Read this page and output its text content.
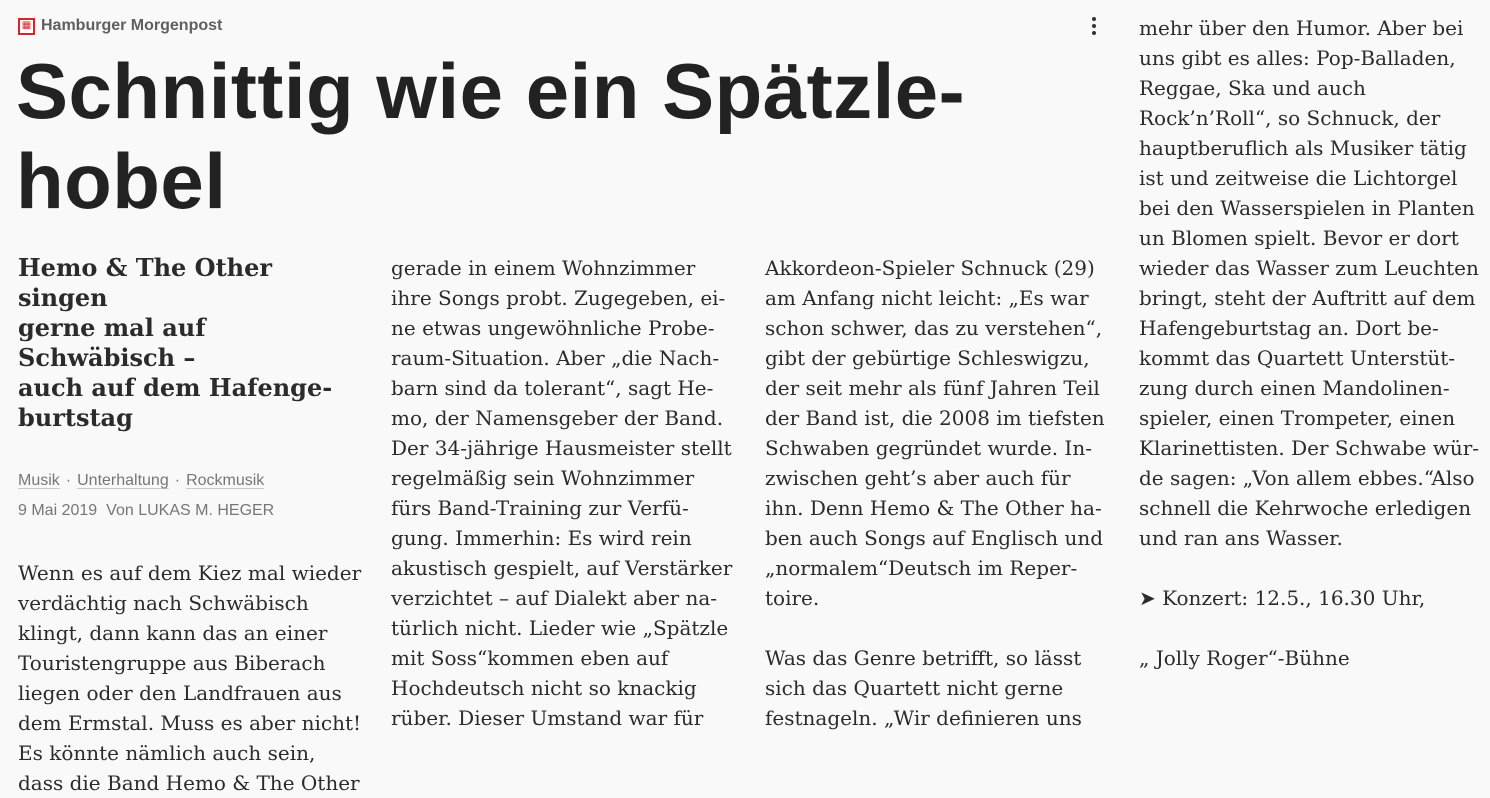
▦ Hamburger Morgenpost
Schnittig wie ein Spätzle-
hobel
Hemo & The Other singen
gerne mal auf Schwäbisch –
auch auf dem Hafenge-
burtstag
Musik · Unterhaltung · Rockmusik
9 Mai 2019 Von LUKAS M. HEGER

Wenn es auf dem Kiez mal wieder

verdächtig nach Schwäbisch

klingt, dann kann das an einer

Touristengruppe aus Biberach

liegen oder den Landfrauen aus

dem Ermstal. Muss es aber nicht!

Es könnte nämlich auch sein,

dass die Band Hemo & The Other

gerade in einem Wohnzimmer

ihre Songs probt. Zugegeben, ei-

ne etwas ungewöhnliche Probe-

raum-Situation. Aber „die Nach-

barn sind da tolerant“, sagt He-

mo, der Namensgeber der Band.

Der 34-jährige Hausmeister stellt

regelmäßig sein Wohnzimmer

fürs Band-Training zur Verfü-

gung. Immerhin: Es wird rein

akustisch gespielt, auf Verstärker

verzichtet – auf Dialekt aber na-

türlich nicht. Lieder wie „Spätzle

mit Soss“kommen eben auf

Hochdeutsch nicht so knackig

rüber. Dieser Umstand war für

Akkordeon-Spieler Schnuck (29)

am Anfang nicht leicht: „Es war

schon schwer, das zu verstehen“,

gibt der gebürtige Schleswigzu,

der seit mehr als fünf Jahren Teil

der Band ist, die 2008 im tiefsten

Schwaben gegründet wurde. In-

zwischen geht’s aber auch für

ihn. Denn Hemo & The Other ha-

ben auch Songs auf Englisch und

„normalem“Deutsch im Reper-

toire.

Was das Genre betrifft, so lässt

sich das Quartett nicht gerne

festnageln. „Wir definieren uns

mehr über den Humor. Aber bei

uns gibt es alles: Pop-Balladen,

Reggae, Ska und auch

Rock’n’Roll“, so Schnuck, der

hauptberuflich als Musiker tätig

ist und zeitweise die Lichtorgel

bei den Wasserspielen in Planten

un Blomen spielt. Bevor er dort

wieder das Wasser zum Leuchten

bringt, steht der Auftritt auf dem

Hafengeburtstag an. Dort be-

kommt das Quartett Unterstüt-

zung durch einen Mandolinen-

spieler, einen Trompeter, einen

Klarinettisten. Der Schwabe wür-

de sagen: „Von allem ebbes.“Also

schnell die Kehrwoche erledigen

und ran ans Wasser.

➤ Konzert: 12.5., 16.30 Uhr,

„ Jolly Roger“-Bühne
